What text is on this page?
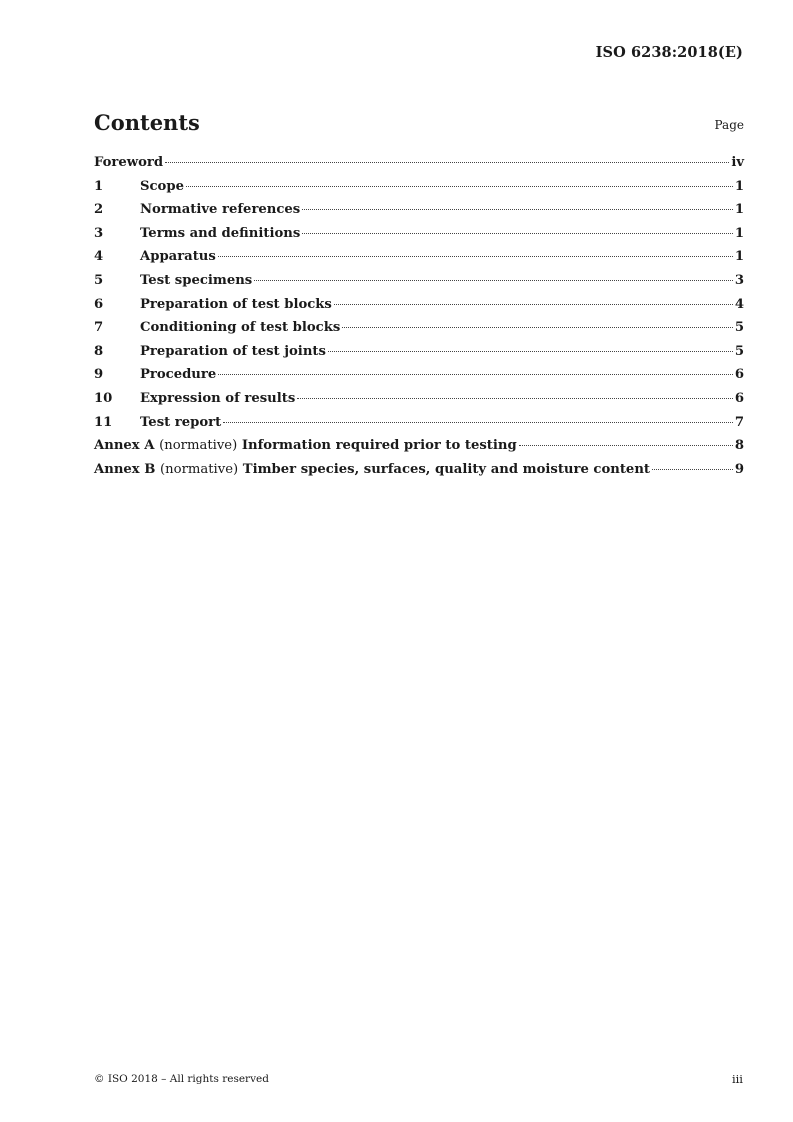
ISO 6238:2018(E)
Contents	Page
Foreword	iv
1	Scope	1
2	Normative references	1
3	Terms and definitions	1
4	Apparatus	1
5	Test specimens	3
6	Preparation of test blocks	4
7	Conditioning of test blocks	5
8	Preparation of test joints	5
9	Procedure	6
10	Expression of results	6
11	Test report	7
Annex A (normative) Information required prior to testing	8
Annex B (normative) Timber species, surfaces, quality and moisture content	9
© ISO 2018 – All rights reserved	iii
